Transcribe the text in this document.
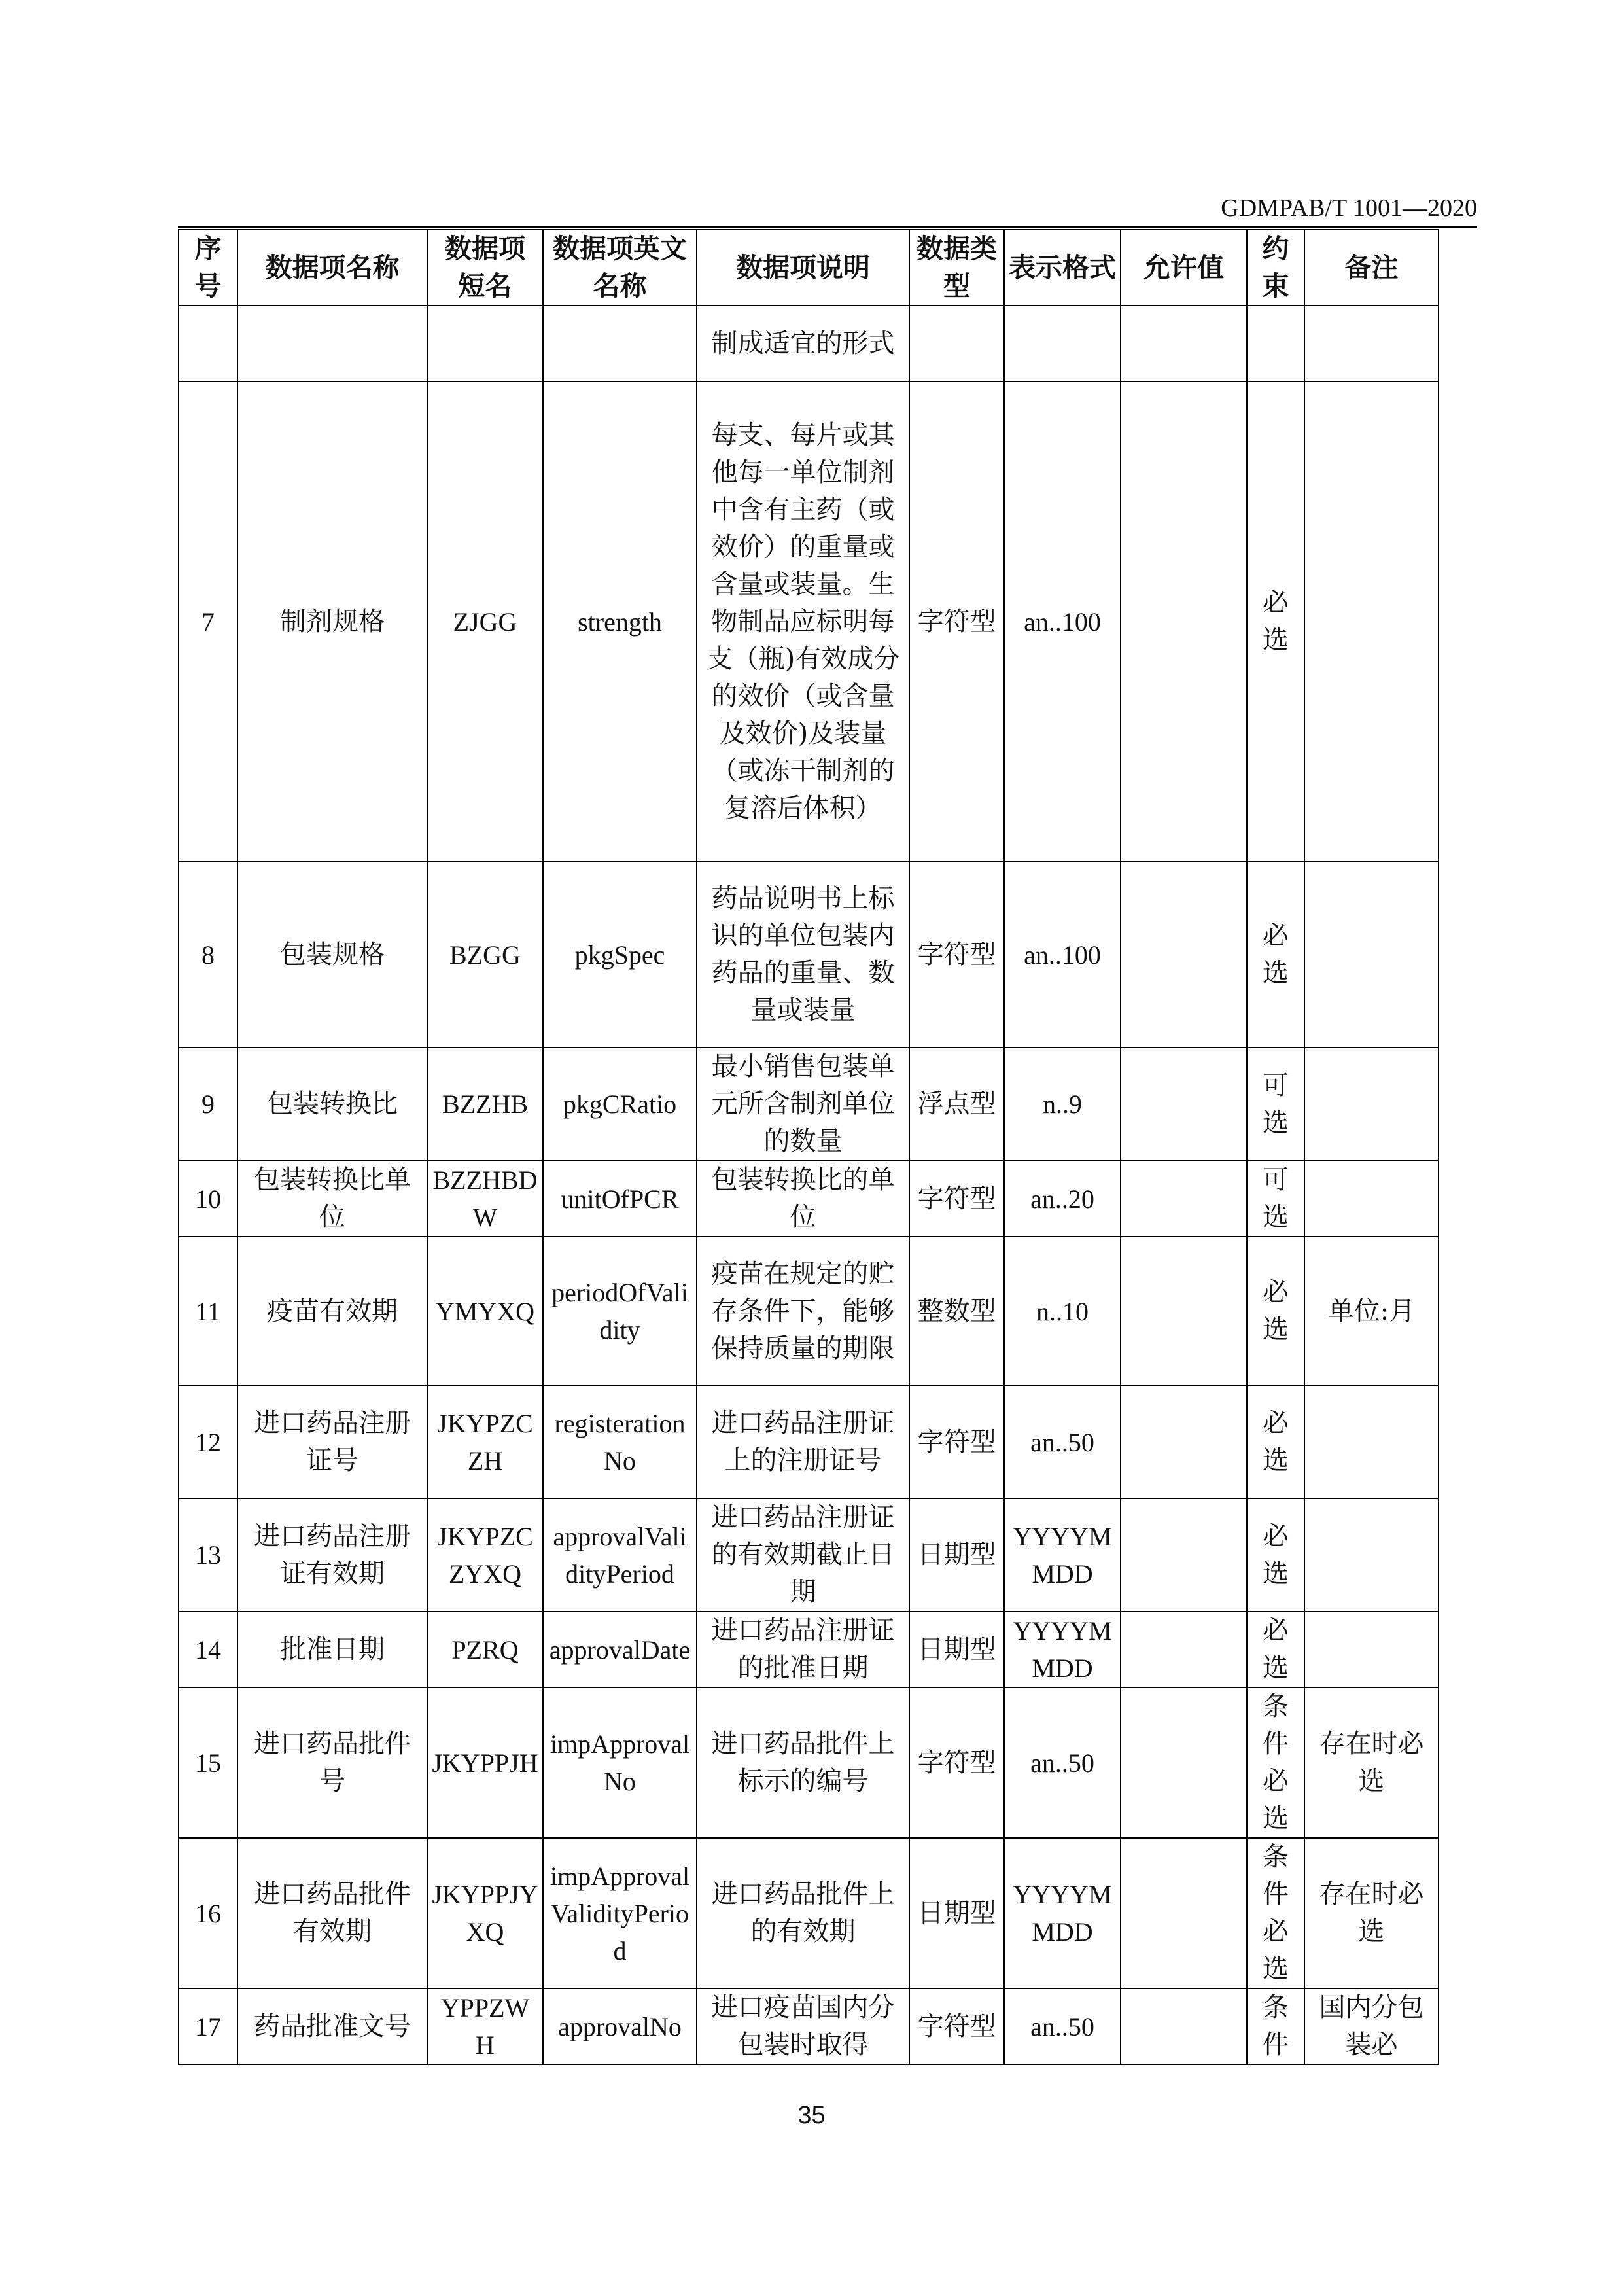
GDMPAB/T 1001—2020
序号	数据项名称	数据项短名	数据项英文名称	数据项说明	数据类型	表示格式	允许值	约束	备注
				制成适宜的形式					
7	制剂规格	ZJGG	strength	每支、每片或其他每一单位制剂中含有主药（或效价）的重量或含量或装量。生物制品应标明每支（瓶)有效成分的效价（或含量及效价)及装量（或冻干制剂的复溶后体积）	字符型	an..100		必选	
8	包装规格	BZGG	pkgSpec	药品说明书上标识的单位包装内药品的重量、数量或装量	字符型	an..100		必选	
9	包装转换比	BZZHB	pkgCRatio	最小销售包装单元所含制剂单位的数量	浮点型	n..9		可选	
10	包装转换比单位	BZZHBDW	unitOfPCR	包装转换比的单位	字符型	an..20		可选	
11	疫苗有效期	YMYXQ	periodOfValidity	疫苗在规定的贮存条件下，能够保持质量的期限	整数型	n..10		必选	单位:月
12	进口药品注册证号	JKYPZCZH	registerationNo	进口药品注册证上的注册证号	字符型	an..50		必选	
13	进口药品注册证有效期	JKYPZCZYXQ	approvalValidityPeriod	进口药品注册证的有效期截止日期	日期型	YYYYMMDD		必选	
14	批准日期	PZRQ	approvalDate	进口药品注册证的批准日期	日期型	YYYYMMDD		必选	
15	进口药品批件号	JKYPPJH	impApprovalNo	进口药品批件上标示的编号	字符型	an..50		条件必选	存在时必选
16	进口药品批件有效期	JKYPPJYXQ	impApprovalValidityPeriod	进口药品批件上的有效期	日期型	YYYYMMDD		条件必选	存在时必选
17	药品批准文号	YPPZWH	approvalNo	进口疫苗国内分包装时取得	字符型	an..50		条件	国内分包装必
35
